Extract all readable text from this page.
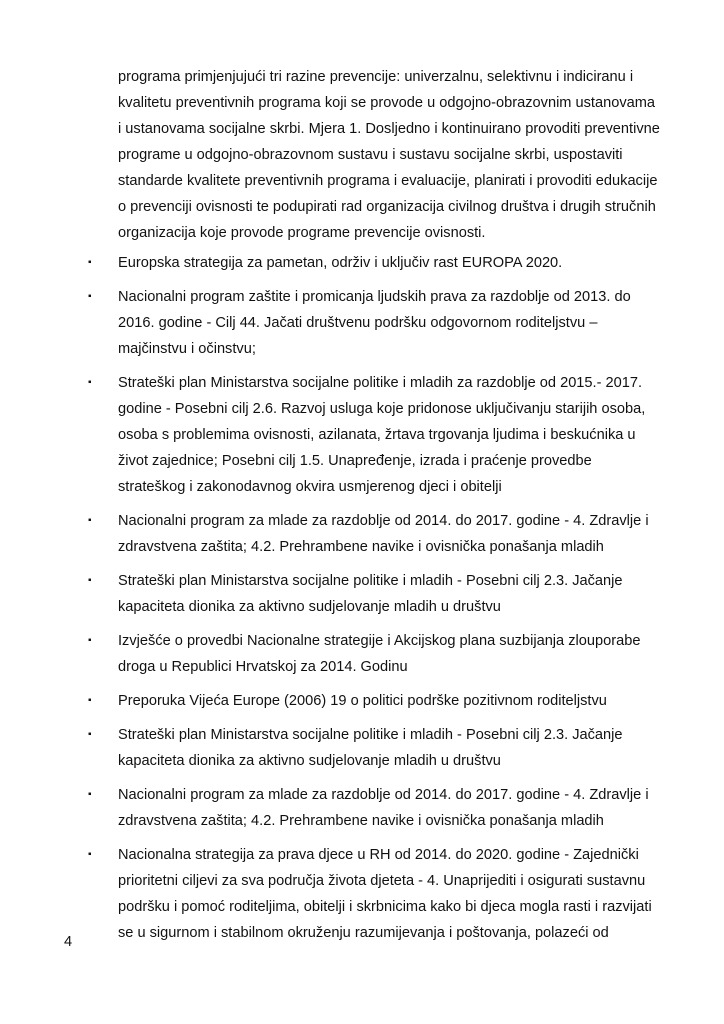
programa primjenjujući tri razine prevencije: univerzalnu, selektivnu i indiciranu i
kvalitetu preventivnih programa koji se provode u odgojno-obrazovnim ustanovama
i ustanovama socijalne skrbi. Mjera 1. Dosljedno i kontinuirano provoditi preventivne
programe u odgojno-obrazovnom sustavu i sustavu socijalne skrbi, uspostaviti
standarde kvalitete preventivnih programa i evaluacije, planirati i provoditi edukacije
o prevenciji ovisnosti te podupirati rad organizacija civilnog društva i drugih stručnih
organizacija koje provode programe prevencije ovisnosti.
▪	Europska strategija za pametan, održiv i uključiv rast EUROPA 2020.
▪	Nacionalni program zaštite i promicanja ljudskih prava za razdoblje od 2013. do
2016. godine - Cilj 44. Jačati društvenu podršku odgovornom roditeljstvu –
majčinstvu i očinstvu;
▪	Strateški plan Ministarstva socijalne politike i mladih za razdoblje od 2015.- 2017.
godine - Posebni cilj 2.6. Razvoj usluga koje pridonose uključivanju starijih osoba,
osoba s problemima ovisnosti, azilanata, žrtava trgovanja ljudima i beskućnika u
život zajednice; Posebni cilj 1.5. Unapređenje, izrada i praćenje provedbe
strateškog i zakonodavnog okvira usmjerenog djeci i obitelji
▪	Nacionalni program za mlade za razdoblje od 2014. do 2017. godine - 4. Zdravlje i
zdravstvena zaštita; 4.2. Prehrambene navike i ovisnička ponašanja mladih
▪	Strateški plan Ministarstva socijalne politike i mladih - Posebni cilj 2.3. Jačanje
kapaciteta dionika za aktivno sudjelovanje mladih u društvu
▪	Izvješće o provedbi Nacionalne strategije i Akcijskog plana suzbijanja zlouporabe
droga u Republici Hrvatskoj za 2014. Godinu
▪	Preporuka Vijeća Europe (2006) 19 o politici podrške pozitivnom roditeljstvu
▪	Strateški plan Ministarstva socijalne politike i mladih - Posebni cilj 2.3. Jačanje
kapaciteta dionika za aktivno sudjelovanje mladih u društvu
▪	Nacionalni program za mlade za razdoblje od 2014. do 2017. godine - 4. Zdravlje i
zdravstvena zaštita; 4.2. Prehrambene navike i ovisnička ponašanja mladih
▪	Nacionalna strategija za prava djece u RH od 2014. do 2020. godine - Zajednički
prioritetni ciljevi za sva područja života djeteta - 4. Unaprijediti i osigurati sustavnu
podršku i pomoć roditeljima, obitelji i skrbnicima kako bi djeca mogla rasti i razvijati
se u sigurnom i stabilnom okruženju razumijevanja i poštovanja, polazeći od
4
